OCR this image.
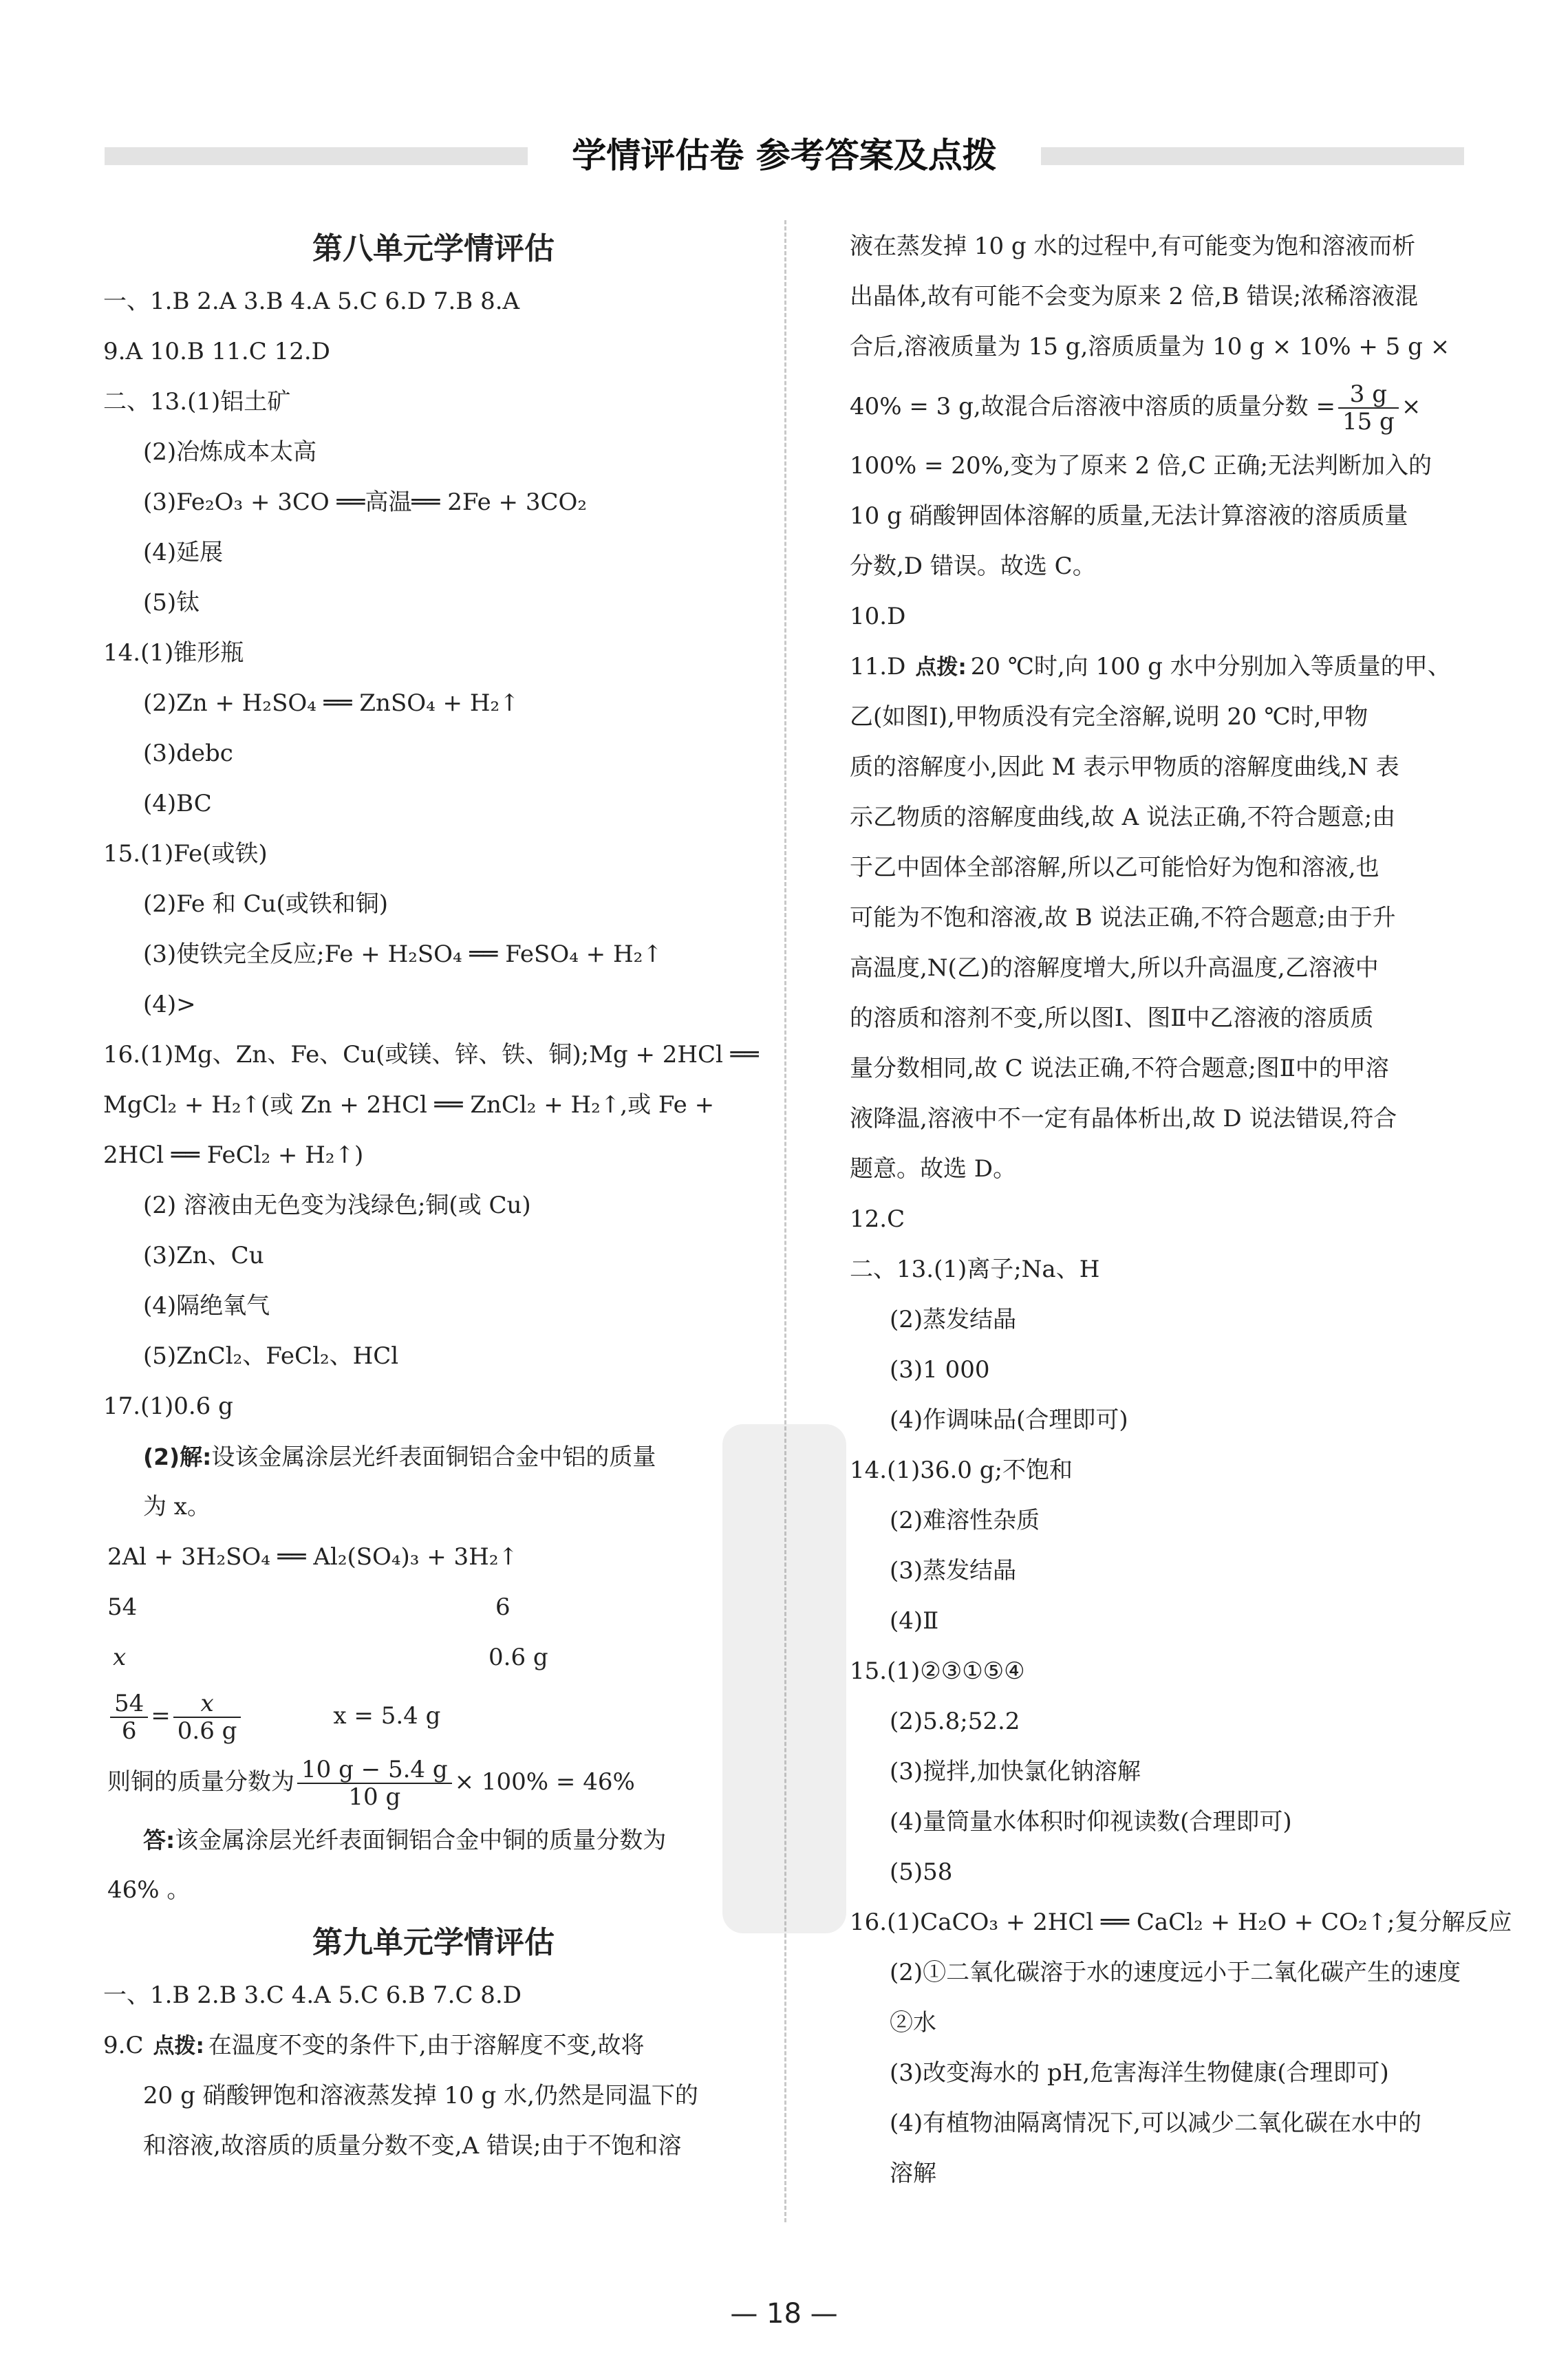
学情评估卷 参考答案及点拨
第八单元学情评估
一、1.B 2.A 3.B 4.A 5.C 6.D 7.B 8.A
9.A 10.B 11.C 12.D
二、13.(1)铝土矿
(2)冶炼成本太高
(3)Fe₂O₃ + 3CO ══高温══ 2Fe + 3CO₂
(4)延展
(5)钛
14.(1)锥形瓶
(2)Zn + H₂SO₄ ══ ZnSO₄ + H₂↑
(3)debc
(4)BC
15.(1)Fe(或铁)
(2)Fe 和 Cu(或铁和铜)
(3)使铁完全反应;Fe + H₂SO₄ ══ FeSO₄ + H₂↑
(4)>
16.(1)Mg、Zn、Fe、Cu(或镁、锌、铁、铜);Mg + 2HCl ══
MgCl₂ + H₂↑(或 Zn + 2HCl ══ ZnCl₂ + H₂↑,或 Fe +
2HCl ══ FeCl₂ + H₂↑)
(2) 溶液由无色变为浅绿色;铜(或 Cu)
(3)Zn、Cu
(4)隔绝氧气
(5)ZnCl₂、FeCl₂、HCl
17.(1)0.6 g
(2)解:设该金属涂层光纤表面铜铝合金中铝的质量
为 x。
2Al + 3H₂SO₄ ══ Al₂(SO₄)₃ + 3H₂↑
54	6
x	0.6 g
$\frac{54}{6} = \frac{x}{0.6 g}$	x = 5.4 g
则铜的质量分数为 $\frac{10 g - 5.4 g}{10 g} \times 100\% = 46\%$
答:该金属涂层光纤表面铜铝合金中铜的质量分数为
46% 。
第九单元学情评估
一、1.B 2.B 3.C 4.A 5.C 6.B 7.C 8.D
9.C 点拨: 在温度不变的条件下,由于溶解度不变,故将
20 g 硝酸钾饱和溶液蒸发掉 10 g 水,仍然是同温下的
和溶液,故溶质的质量分数不变,A 错误;由于不饱和溶
液在蒸发掉 10 g 水的过程中,有可能变为饱和溶液而析
出晶体,故有可能不会变为原来 2 倍,B 错误;浓稀溶液混
合后,溶液质量为 15 g,溶质质量为 10 g × 10% + 5 g ×
40% = 3 g,故混合后溶液中溶质的质量分数 = $\frac{3 g}{15 g}$ ×
100% = 20%,变为了原来 2 倍,C 正确;无法判断加入的
10 g 硝酸钾固体溶解的质量,无法计算溶液的溶质质量
分数,D 错误。故选 C。
10.D
11.D 点拨: 20 ℃时,向 100 g 水中分别加入等质量的甲、
乙(如图Ⅰ),甲物质没有完全溶解,说明 20 ℃时,甲物
质的溶解度小,因此 M 表示甲物质的溶解度曲线,N 表
示乙物质的溶解度曲线,故 A 说法正确,不符合题意;由
于乙中固体全部溶解,所以乙可能恰好为饱和溶液,也
可能为不饱和溶液,故 B 说法正确,不符合题意;由于升
高温度,N(乙)的溶解度增大,所以升高温度,乙溶液中
的溶质和溶剂不变,所以图Ⅰ、图Ⅱ中乙溶液的溶质质
量分数相同,故 C 说法正确,不符合题意;图Ⅱ中的甲溶
液降温,溶液中不一定有晶体析出,故 D 说法错误,符合
题意。故选 D。
12.C
二、13.(1)离子;Na、H
(2)蒸发结晶
(3)1 000
(4)作调味品(合理即可)
14.(1)36.0 g;不饱和
(2)难溶性杂质
(3)蒸发结晶
(4)Ⅱ
15.(1)②③①⑤④
(2)5.8;52.2
(3)搅拌,加快氯化钠溶解
(4)量筒量水体积时仰视读数(合理即可)
(5)58
16.(1)CaCO₃ + 2HCl ══ CaCl₂ + H₂O + CO₂↑;复分解反应
(2)①二氧化碳溶于水的速度远小于二氧化碳产生的速度
②水
(3)改变海水的 pH,危害海洋生物健康(合理即可)
(4)有植物油隔离情况下,可以减少二氧化碳在水中的
溶解
— 18 —
